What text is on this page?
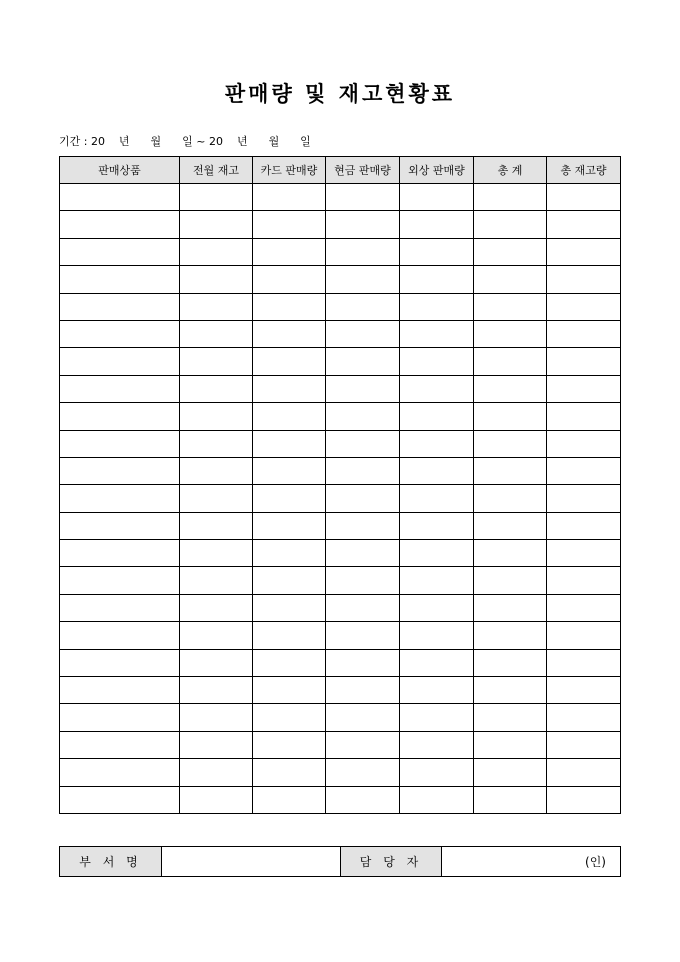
판매량 및 재고현황표
기간 : 20    년      월      일 ~ 20    년      월      일
판매상품	전월 재고	카드 판매량	현금 판매량	외상 판매량	총 계	총 재고량

부 서 명		담 당 자	(인)
